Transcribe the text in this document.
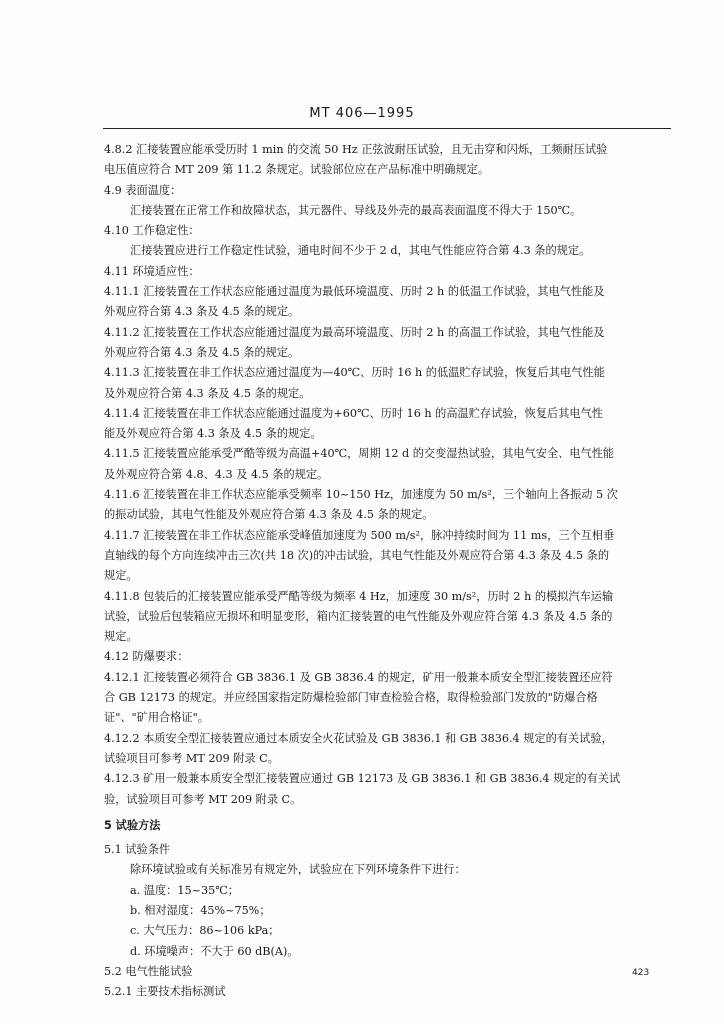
MT 406—1995
4.8.2 汇接装置应能承受历时 1 min 的交流 50 Hz 正弦波耐压试验，且无击穿和闪烁，工频耐压试验
电压值应符合 MT 209 第 11.2 条规定。试验部位应在产品标准中明确规定。
4.9 表面温度：
汇接装置在正常工作和故障状态，其元器件、导线及外壳的最高表面温度不得大于 150℃。
4.10 工作稳定性：
汇接装置应进行工作稳定性试验，通电时间不少于 2 d，其电气性能应符合第 4.3 条的规定。
4.11 环境适应性：
4.11.1 汇接装置在工作状态应能通过温度为最低环境温度、历时 2 h 的低温工作试验，其电气性能及
外观应符合第 4.3 条及 4.5 条的规定。
4.11.2 汇接装置在工作状态应能通过温度为最高环境温度、历时 2 h 的高温工作试验，其电气性能及
外观应符合第 4.3 条及 4.5 条的规定。
4.11.3 汇接装置在非工作状态应通过温度为—40℃、历时 16 h 的低温贮存试验，恢复后其电气性能
及外观应符合第 4.3 条及 4.5 条的规定。
4.11.4 汇接装置在非工作状态应能通过温度为+60℃、历时 16 h 的高温贮存试验，恢复后其电气性
能及外观应符合第 4.3 条及 4.5 条的规定。
4.11.5 汇接装置应能承受严酷等级为高温+40℃，周期 12 d 的交变湿热试验，其电气安全、电气性能
及外观应符合第 4.8、4.3 及 4.5 条的规定。
4.11.6 汇接装置在非工作状态应能承受频率 10~150 Hz，加速度为 50 m/s²，三个轴向上各振动 5 次
的振动试验，其电气性能及外观应符合第 4.3 条及 4.5 条的规定。
4.11.7 汇接装置在非工作状态应能承受峰值加速度为 500 m/s²，脉冲持续时间为 11 ms，三个互相垂
直轴线的每个方向连续冲击三次(共 18 次)的冲击试验，其电气性能及外观应符合第 4.3 条及 4.5 条的
规定。
4.11.8 包装后的汇接装置应能承受严酷等级为频率 4 Hz，加速度 30 m/s²，历时 2 h 的模拟汽车运输
试验，试验后包装箱应无损坏和明显变形，箱内汇接装置的电气性能及外观应符合第 4.3 条及 4.5 条的
规定。
4.12 防爆要求：
4.12.1 汇接装置必须符合 GB 3836.1 及 GB 3836.4 的规定，矿用一般兼本质安全型汇接装置还应符
合 GB 12173 的规定。并应经国家指定防爆检验部门审查检验合格，取得检验部门发放的"防爆合格
证"、"矿用合格证"。
4.12.2 本质安全型汇接装置应通过本质安全火花试验及 GB 3836.1 和 GB 3836.4 规定的有关试验，
试验项目可参考 MT 209 附录 C。
4.12.3 矿用一般兼本质安全型汇接装置应通过 GB 12173 及 GB 3836.1 和 GB 3836.4 规定的有关试
验，试验项目可参考 MT 209 附录 C。
5 试验方法
5.1 试验条件
除环境试验或有关标准另有规定外，试验应在下列环境条件下进行：
a. 温度：15~35℃；
b. 相对湿度：45%~75%；
c. 大气压力：86~106 kPa；
d. 环境噪声：不大于 60 dB(A)。
5.2 电气性能试验
5.2.1 主要技术指标测试
423
